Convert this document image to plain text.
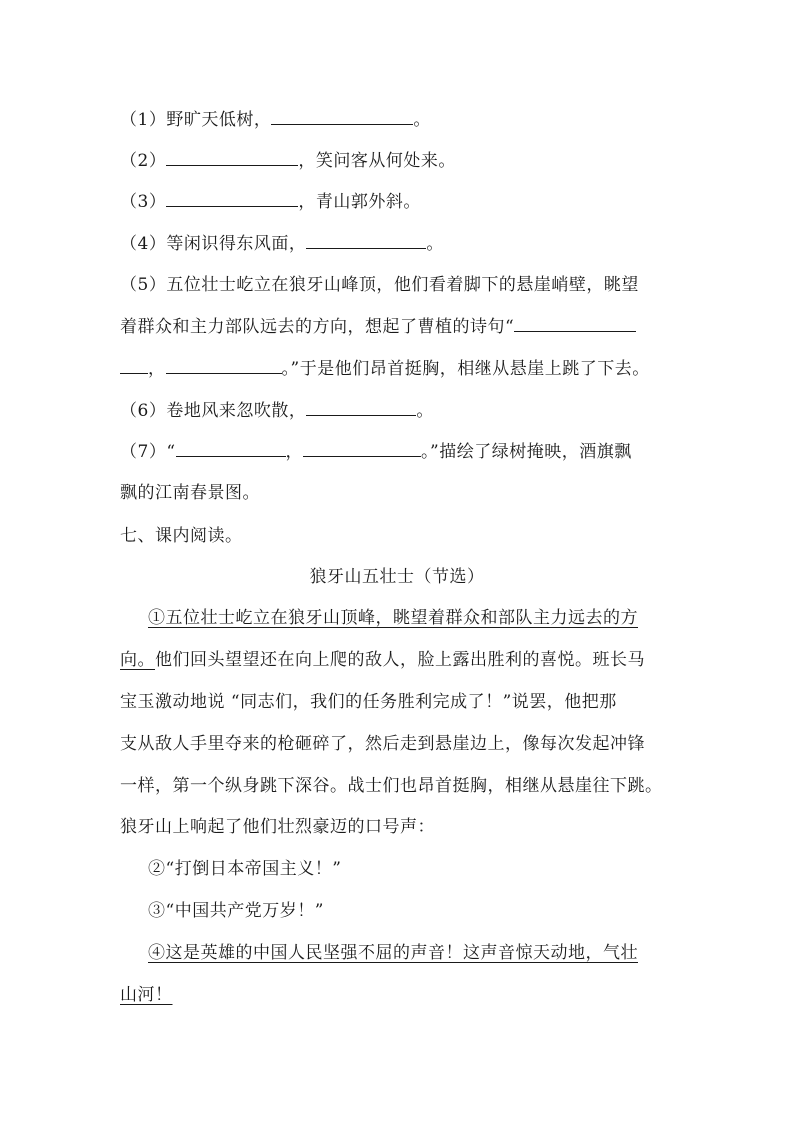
（1）野旷天低树，	。
（2）	，笑问客从何处来。
（3）	，青山郭外斜。
（4）等闲识得东风面，	。
（5）五位壮士屹立在狼牙山峰顶，他们看着脚下的悬崖峭壁，眺望
着群众和主力部队远去的方向，想起了曹植的诗句“
，	。”于是他们昂首挺胸，相继从悬崖上跳了下去。
（6）卷地风来忽吹散，	。
（7）“	，	。”描绘了绿树掩映，酒旗飘
飘的江南春景图。
七、课内阅读。
狼牙山五壮士（节选）
①五位壮士屹立在狼牙山顶峰，眺望着群众和部队主力远去的方
向。他们回头望望还在向上爬的敌人，脸上露出胜利的喜悦。班长马
宝玉激动地说 “同志们，我们的任务胜利完成了！”说罢，他把那
支从敌人手里夺来的枪砸碎了，然后走到悬崖边上，像每次发起冲锋
一样，第一个纵身跳下深谷。战士们也昂首挺胸，相继从悬崖往下跳。
狼牙山上响起了他们壮烈豪迈的口号声：
②“打倒日本帝国主义！”
③“中国共产党万岁！”
④这是英雄的中国人民坚强不屈的声音！这声音惊天动地，气壮
山河！
